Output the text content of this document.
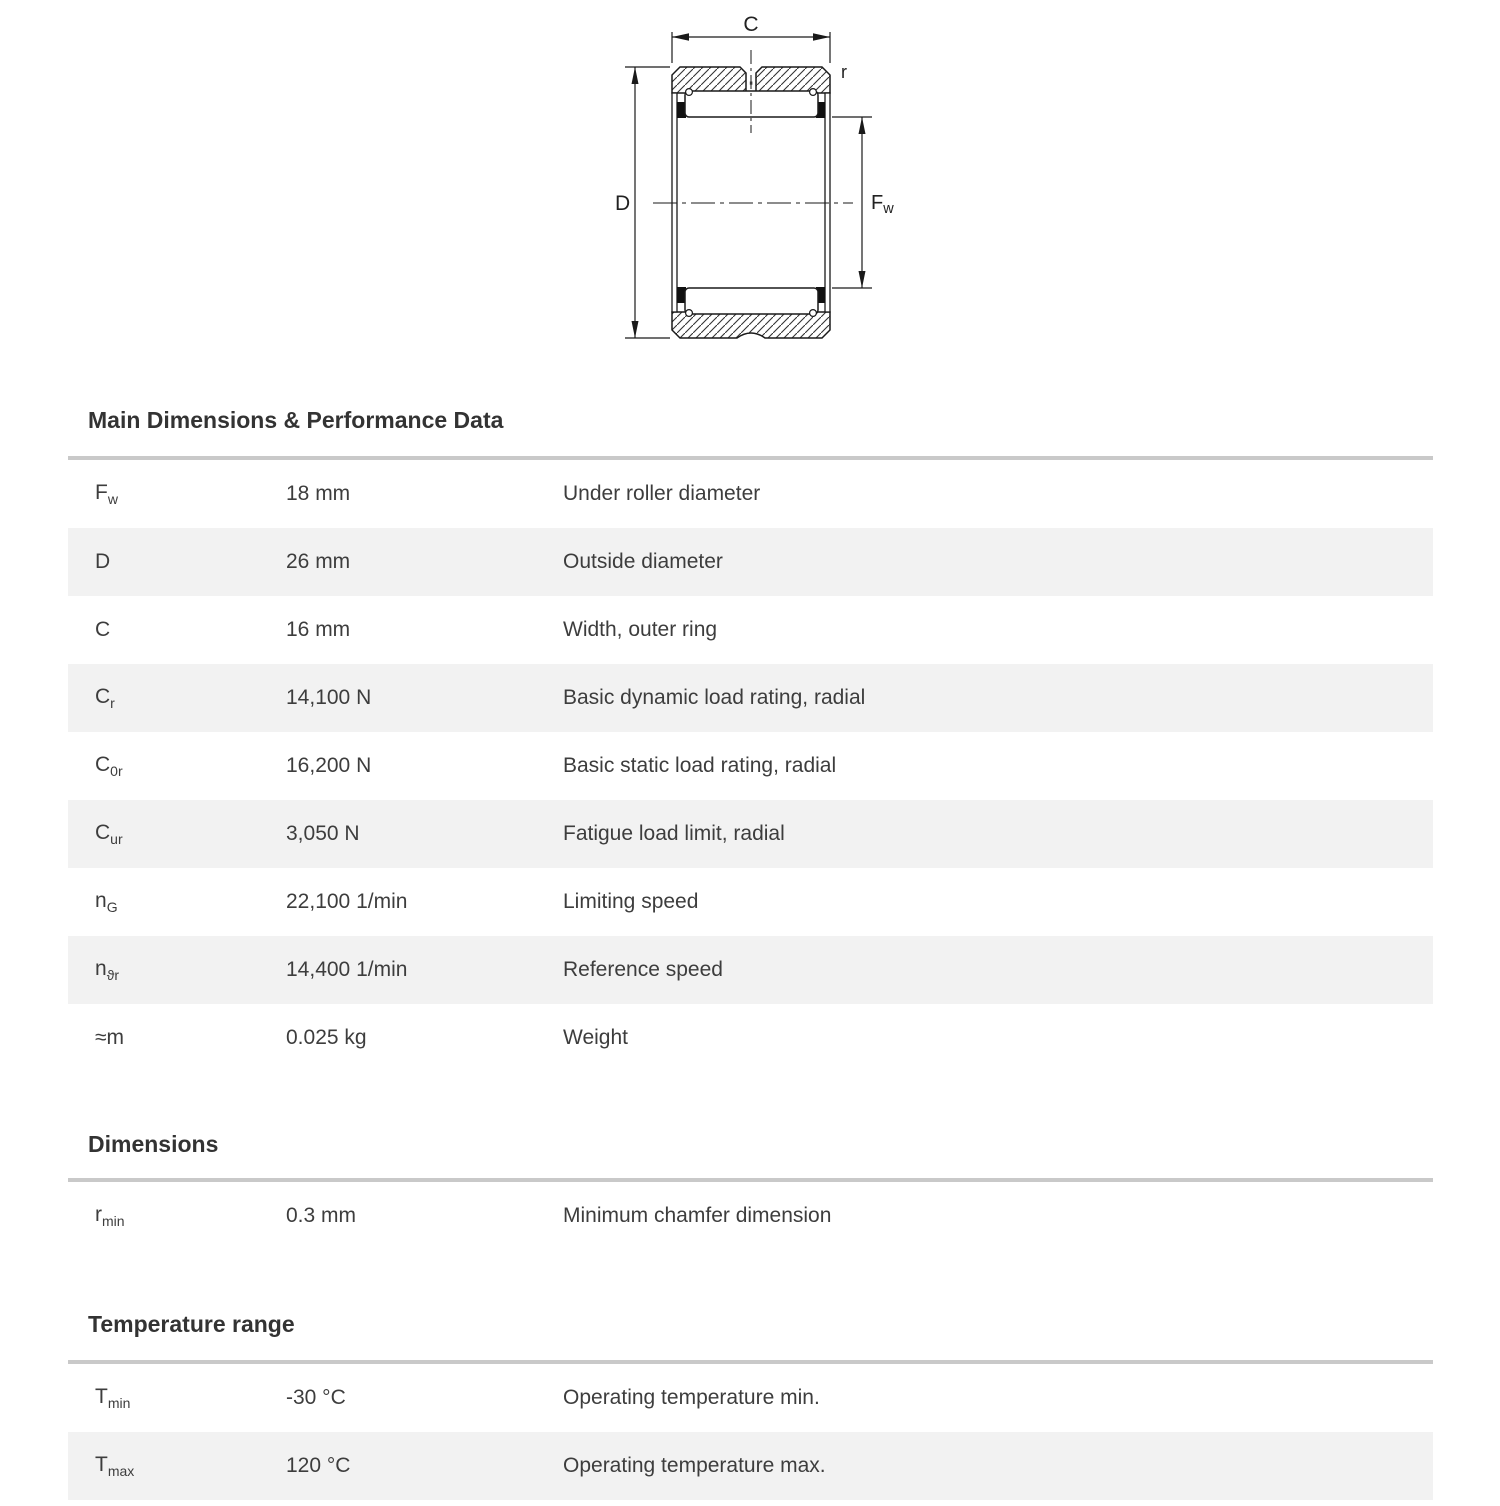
C
r
D	$F_w$
Main Dimensions & Performance Data
$F_w$	18 mm	Under roller diameter
D	26 mm	Outside diameter
C	16 mm	Width, outer ring
$C_r$	14,100 N	Basic dynamic load rating, radial
$C_{0r}$	16,200 N	Basic static load rating, radial
$C_{ur}$	3,050 N	Fatigue load limit, radial
$n_G$	22,100 1/min	Limiting speed
$n_{ϑr}$	14,400 1/min	Reference speed
≈m	0.025 kg	Weight
Dimensions
$r_{min}$	0.3 mm	Minimum chamfer dimension
Temperature range
$T_{min}$	-30 °C	Operating temperature min.
$T_{max}$	120 °C	Operating temperature max.
